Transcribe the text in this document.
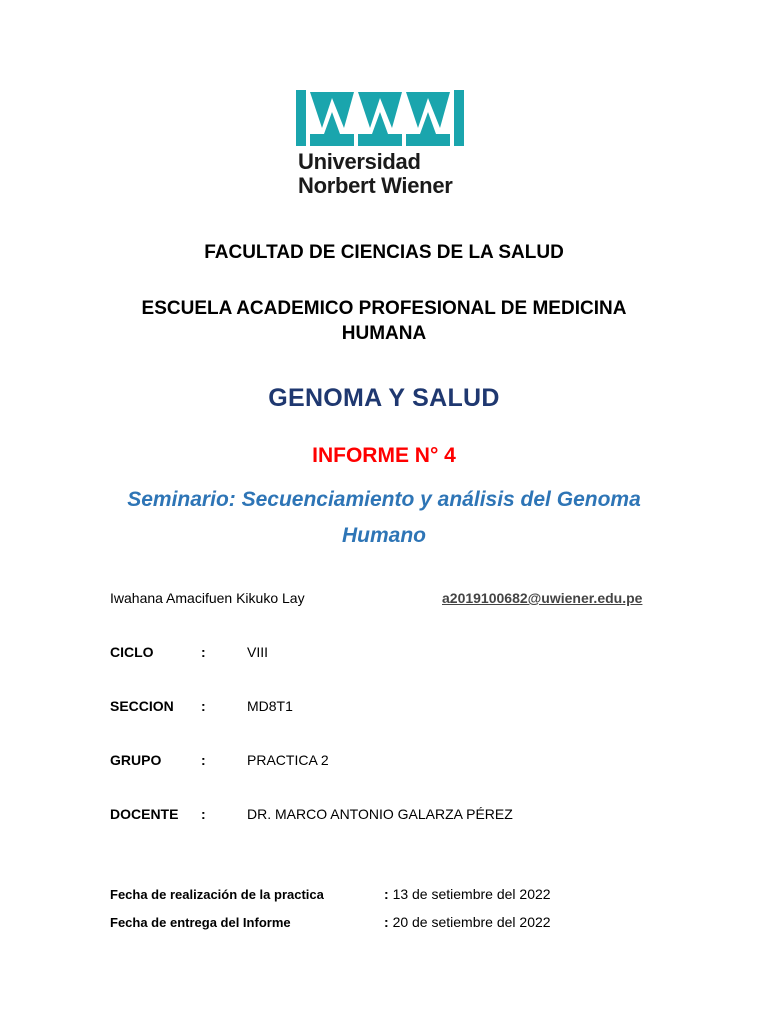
Universidad
Norbert Wiener
FACULTAD DE CIENCIAS DE LA SALUD
ESCUELA ACADEMICO PROFESIONAL DE MEDICINA
HUMANA
GENOMA Y SALUD
INFORME N° 4
Seminario: Secuenciamiento y análisis del Genoma
Humano
Iwahana Amacifuen Kikuko Lay	a2019100682@uwiener.edu.pe
CICLO	:	VIII
SECCION :	MD8T1
GRUPO	:	PRACTICA 2
DOCENTE :	DR. MARCO ANTONIO GALARZA PÉREZ
Fecha de realización de la practica	: 13 de setiembre del 2022
Fecha de entrega del Informe	: 20 de setiembre del 2022
